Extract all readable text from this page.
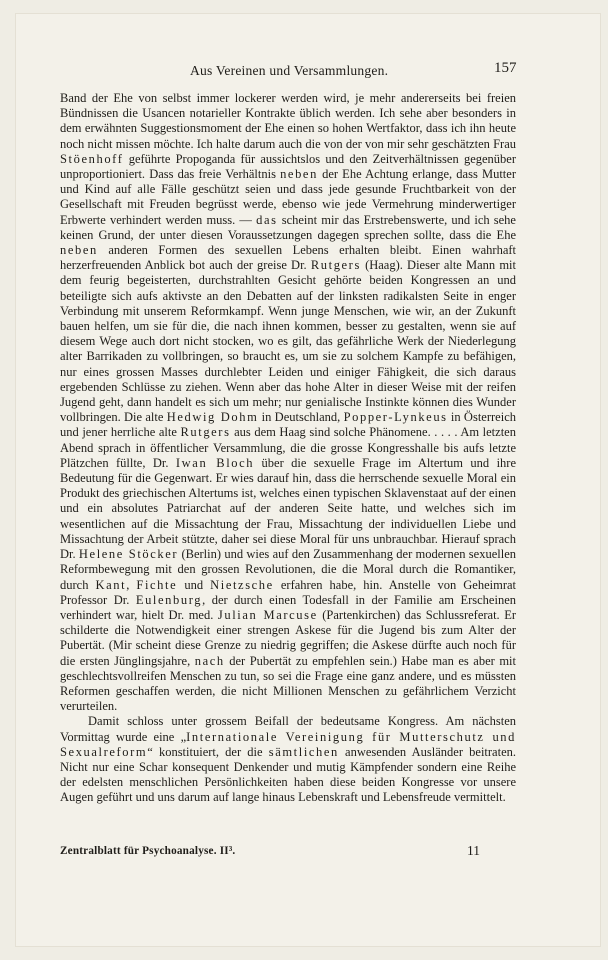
Aus Vereinen und Versammlungen.	157

Band der Ehe von selbst immer lockerer werden wird, je mehr andererseits bei freien Bündnissen die Usancen notarieller Kontrakte üblich werden. Ich sehe aber besonders in dem erwähnten Suggestionsmoment der Ehe einen so hohen Wertfaktor, dass ich ihn heute noch nicht missen möchte. Ich halte darum auch die von der von mir sehr geschätzten Frau Stöenhoff geführte Propoganda für aussichtslos und den Zeitverhältnissen gegenüber unproportioniert. Dass das freie Verhältnis neben der Ehe Achtung erlange, dass Mutter und Kind auf alle Fälle geschützt seien und dass jede gesunde Fruchtbarkeit von der Gesellschaft mit Freuden begrüsst werde, ebenso wie jede Vermehrung minderwertiger Erbwerte verhindert werden muss. — das scheint mir das Erstrebenswerte, und ich sehe keinen Grund, der unter diesen Voraussetzungen dagegen sprechen sollte, dass die Ehe neben anderen Formen des sexuellen Lebens erhalten bleibt. Einen wahrhaft herzerfreuenden Anblick bot auch der greise Dr. Rutgers (Haag). Dieser alte Mann mit dem feurig begeisterten, durchstrahlten Gesicht gehörte beiden Kongressen an und beteiligte sich aufs aktivste an den Debatten auf der linksten radikalsten Seite in enger Verbindung mit unserem Reformkampf. Wenn junge Menschen, wie wir, an der Zukunft bauen helfen, um sie für die, die nach ihnen kommen, besser zu gestalten, wenn sie auf diesem Wege auch dort nicht stocken, wo es gilt, das gefährliche Werk der Niederlegung alter Barrikaden zu vollbringen, so braucht es, um sie zu solchem Kampfe zu befähigen, nur eines grossen Masses durchlebter Leiden und einiger Fähigkeit, die sich daraus ergebenden Schlüsse zu ziehen. Wenn aber das hohe Alter in dieser Weise mit der reifen Jugend geht, dann handelt es sich um mehr; nur genialische Instinkte können dies Wunder vollbringen. Die alte Hedwig Dohm in Deutschland, Popper-Lynkeus in Österreich und jener herrliche alte Rutgers aus dem Haag sind solche Phänomene. . . . . Am letzten Abend sprach in öffentlicher Versammlung, die die grosse Kongresshalle bis aufs letzte Plätzchen füllte, Dr. Iwan Bloch über die sexuelle Frage im Altertum und ihre Bedeutung für die Gegenwart. Er wies darauf hin, dass die herrschende sexuelle Moral ein Produkt des griechischen Altertums ist, welches einen typischen Sklavenstaat auf der einen und ein absolutes Patriarchat auf der anderen Seite hatte, und welches sich im wesentlichen auf die Missachtung der Frau, Missachtung der individuellen Liebe und Missachtung der Arbeit stützte, daher sei diese Moral für uns unbrauchbar. Hierauf sprach Dr. Helene Stöcker (Berlin) und wies auf den Zusammenhang der modernen sexuellen Reformbewegung mit den grossen Revolutionen, die die Moral durch die Romantiker, durch Kant, Fichte und Nietzsche erfahren habe, hin. Anstelle von Geheimrat Professor Dr. Eulenburg, der durch einen Todesfall in der Familie am Erscheinen verhindert war, hielt Dr. med. Julian Marcuse (Partenkirchen) das Schlussreferat. Er schilderte die Notwendigkeit einer strengen Askese für die Jugend bis zum Alter der Pubertät. (Mir scheint diese Grenze zu niedrig gegriffen; die Askese dürfte auch noch für die ersten Jünglingsjahre, nach der Pubertät zu empfehlen sein.) Habe man es aber mit geschlechtsvollreifen Menschen zu tun, so sei die Frage eine ganz andere, und es müssten Reformen geschaffen werden, die nicht Millionen Menschen zu gefährlichem Verzicht verurteilen.

Damit schloss unter grossem Beifall der bedeutsame Kongress. Am nächsten Vormittag wurde eine „Internationale Vereinigung für Mutterschutz und Sexualreform“ konstituiert, der die sämtlichen anwesenden Ausländer beitraten. Nicht nur eine Schar konsequent Denkender und mutig Kämpfender sondern eine Reihe der edelsten menschlichen Persönlichkeiten haben diese beiden Kongresse vor unsere Augen geführt und uns darum auf lange hinaus Lebenskraft und Lebensfreude vermittelt.

Zentralblatt für Psychoanalyse. II³.	11
